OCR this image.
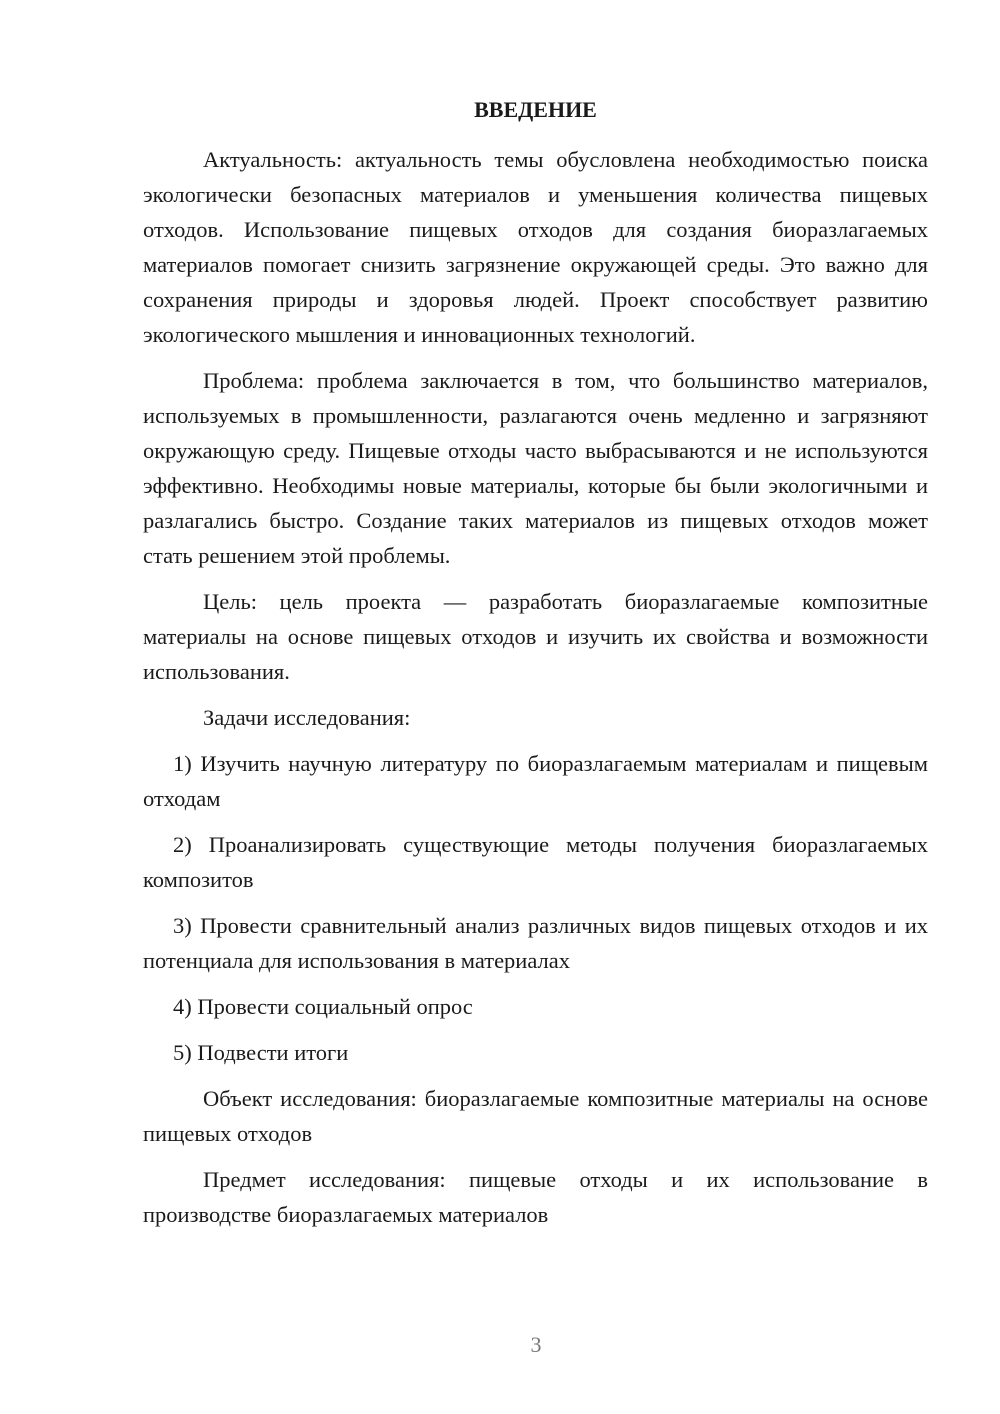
ВВЕДЕНИЕ

Актуальность: актуальность темы обусловлена необходимостью поиска экологически безопасных материалов и уменьшения количества пищевых отходов. Использование пищевых отходов для создания биоразлагаемых материалов помогает снизить загрязнение окружающей среды. Это важно для сохранения природы и здоровья людей. Проект способствует развитию экологического мышления и инновационных технологий.

Проблема: проблема заключается в том, что большинство материалов, используемых в промышленности, разлагаются очень медленно и загрязняют окружающую среду. Пищевые отходы часто выбрасываются и не используются эффективно. Необходимы новые материалы, которые бы были экологичными и разлагались быстро. Создание таких материалов из пищевых отходов может стать решением этой проблемы.

Цель: цель проекта — разработать биоразлагаемые композитные материалы на основе пищевых отходов и изучить их свойства и возможности использования.

Задачи исследования:

1) Изучить научную литературу по биоразлагаемым материалам и пищевым отходам

2) Проанализировать существующие методы получения биоразлагаемых композитов

3) Провести сравнительный анализ различных видов пищевых отходов и их потенциала для использования в материалах

4) Провести социальный опрос

5) Подвести итоги

Объект исследования: биоразлагаемые композитные материалы на основе пищевых отходов

Предмет исследования: пищевые отходы и их использование в производстве биоразлагаемых материалов

3
